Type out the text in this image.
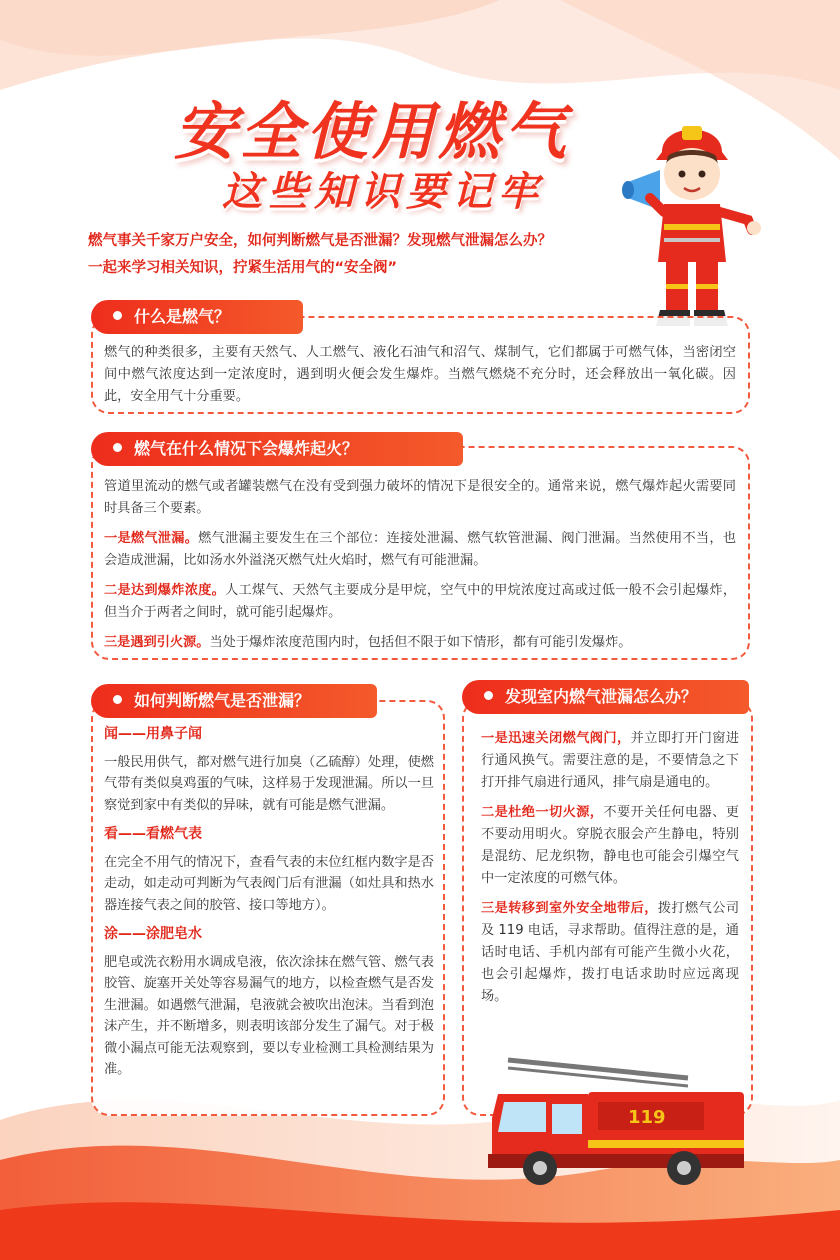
安全使用燃气
这些知识要记牢

燃气事关千家万户安全，如何判断燃气是否泄漏？发现燃气泄漏怎么办？

一起来学习相关知识，拧紧生活用气的“安全阀”

什么是燃气？
燃气的种类很多，主要有天然气、人工燃气、液化石油气和沼气、煤制气，它们都属于可燃气体，当密闭空间中燃气浓度达到一定浓度时，遇到明火便会发生爆炸。当燃气燃烧不充分时，还会释放出一氧化碳。因此，安全用气十分重要。
燃气在什么情况下会爆炸起火？

管道里流动的燃气或者罐装燃气在没有受到强力破坏的情况下是很安全的。通常来说，燃气爆炸起火需要同时具备三个要素。

一是燃气泄漏。燃气泄漏主要发生在三个部位：连接处泄漏、燃气软管泄漏、阀门泄漏。当然使用不当，也会造成泄漏，比如汤水外溢浇灭燃气灶火焰时，燃气有可能泄漏。

二是达到爆炸浓度。人工煤气、天然气主要成分是甲烷，空气中的甲烷浓度过高或过低一般不会引起爆炸，但当介于两者之间时，就可能引起爆炸。

三是遇到引火源。当处于爆炸浓度范围内时，包括但不限于如下情形，都有可能引发爆炸。

如何判断燃气是否泄漏？

闻——用鼻子闻

一般民用供气，都对燃气进行加臭（乙硫醇）处理，使燃气带有类似臭鸡蛋的气味，这样易于发现泄漏。所以一旦察觉到家中有类似的异味，就有可能是燃气泄漏。

看——看燃气表

在完全不用气的情况下，查看气表的末位红框内数字是否走动，如走动可判断为气表阀门后有泄漏（如灶具和热水器连接气表之间的胶管、接口等地方）。

涂——涂肥皂水

肥皂或洗衣粉用水调成皂液，依次涂抹在燃气管、燃气表胶管、旋塞开关处等容易漏气的地方，以检查燃气是否发生泄漏。如遇燃气泄漏，皂液就会被吹出泡沫。当看到泡沫产生，并不断增多，则表明该部分发生了漏气。对于极微小漏点可能无法观察到，要以专业检测工具检测结果为准。

发现室内燃气泄漏怎么办？

一是迅速关闭燃气阀门，并立即打开门窗进行通风换气。需要注意的是，不要情急之下打开排气扇进行通风，排气扇是通电的。

二是杜绝一切火源，不要开关任何电器、更不要动用明火。穿脱衣服会产生静电，特别是混纺、尼龙织物，静电也可能会引爆空气中一定浓度的可燃气体。

三是转移到室外安全地带后，拨打燃气公司及 119 电话，寻求帮助。值得注意的是，通话时电话、手机内部有可能产生微小火花，也会引起爆炸，拨打电话求助时应远离现场。

119
